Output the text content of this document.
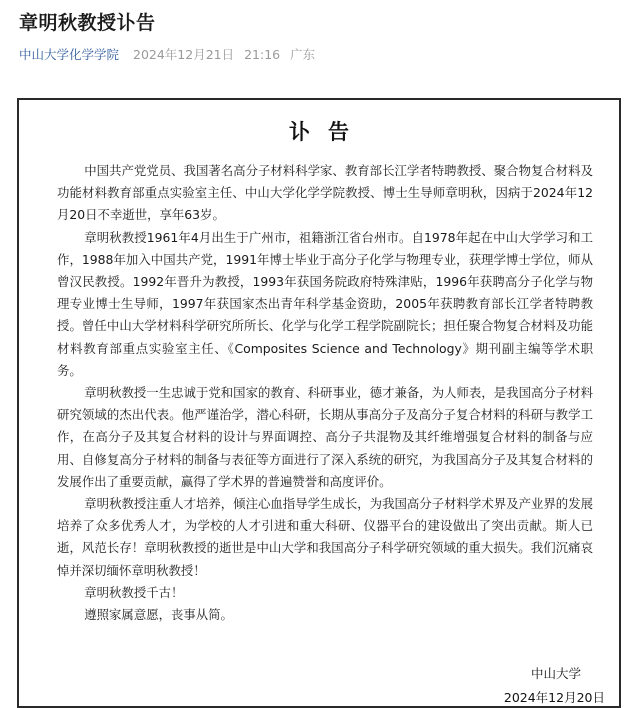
章明秋教授讣告
中山大学化学学院 2024年12月21日 21:16 广东
讣告

中国共产党党员、我国著名高分子材料科学家、教育部长江学者特聘教授、聚合物复合材料及功能材料教育部重点实验室主任、中山大学化学学院教授、博士生导师章明秋，因病于2024年12月20日不幸逝世，享年63岁。

章明秋教授1961年4月出生于广州市，祖籍浙江省台州市。自1978年起在中山大学学习和工作，1988年加入中国共产党，1991年博士毕业于高分子化学与物理专业，获理学博士学位，师从曾汉民教授。1992年晋升为教授，1993年获国务院政府特殊津贴，1996年获聘高分子化学与物理专业博士生导师，1997年获国家杰出青年科学基金资助，2005年获聘教育部长江学者特聘教授。曾任中山大学材料科学研究所所长、化学与化学工程学院副院长；担任聚合物复合材料及功能材料教育部重点实验室主任、《Composites Science and Technology》期刊副主编等学术职务。

章明秋教授一生忠诚于党和国家的教育、科研事业，德才兼备，为人师表，是我国高分子材料研究领域的杰出代表。他严谨治学，潜心科研，长期从事高分子及高分子复合材料的科研与教学工作，在高分子及其复合材料的设计与界面调控、高分子共混物及其纤维增强复合材料的制备与应用、自修复高分子材料的制备与表征等方面进行了深入系统的研究，为我国高分子及其复合材料的发展作出了重要贡献，赢得了学术界的普遍赞誉和高度评价。

章明秋教授注重人才培养，倾注心血指导学生成长，为我国高分子材料学术界及产业界的发展培养了众多优秀人才，为学校的人才引进和重大科研、仪器平台的建设做出了突出贡献。斯人已逝，风范长存！章明秋教授的逝世是中山大学和我国高分子科学研究领域的重大损失。我们沉痛哀悼并深切缅怀章明秋教授！

章明秋教授千古！

遵照家属意愿，丧事从简。

中山大学
2024年12月20日
